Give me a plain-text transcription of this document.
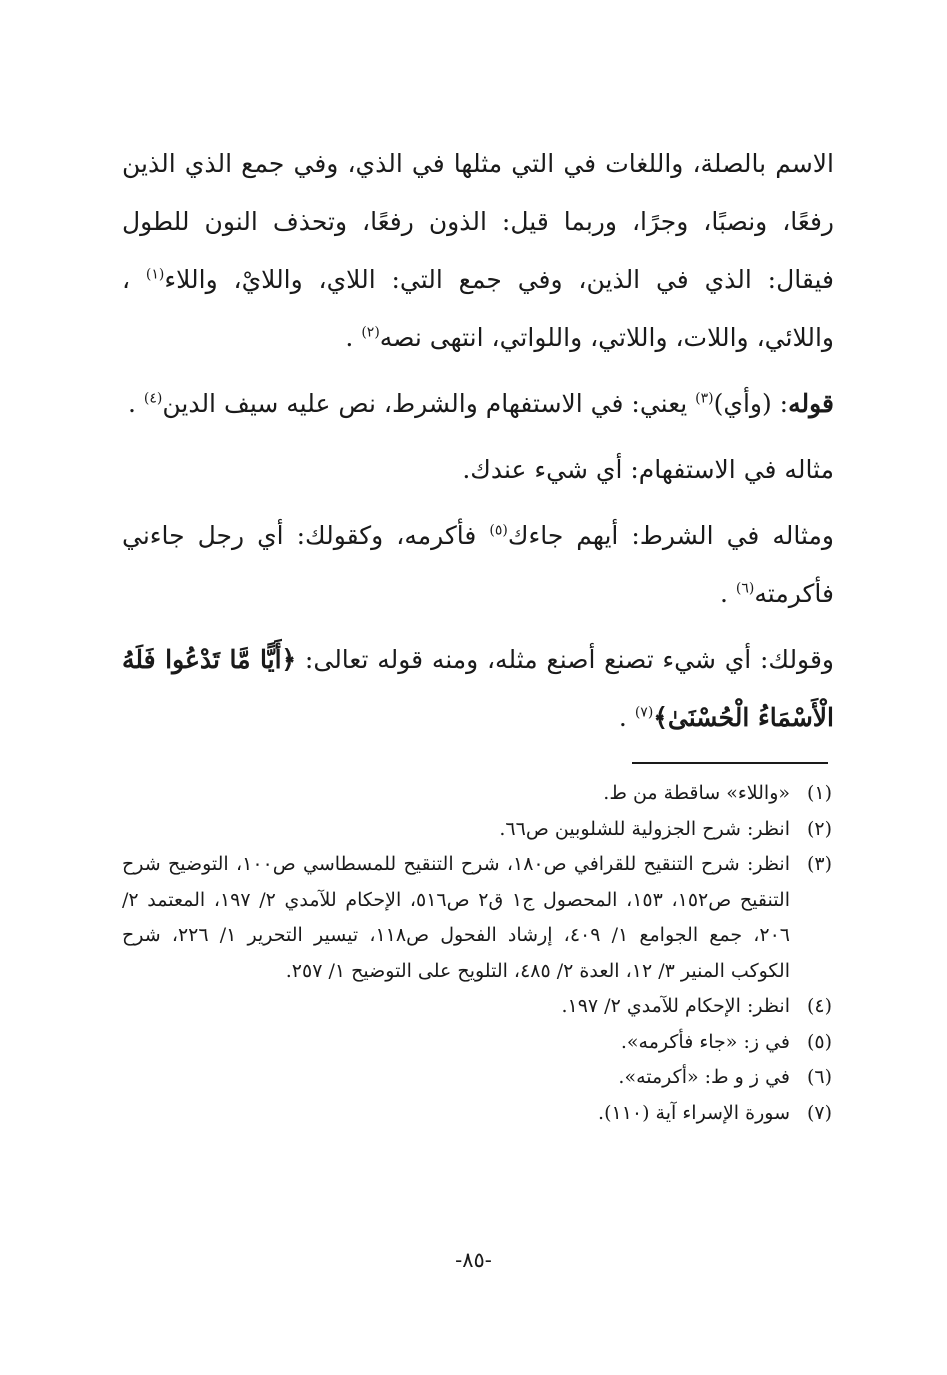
الاسم بالصلة، واللغات في التي مثلها في الذي، وفي جمع الذي الذين رفعًا، ونصبًا، وجرًا، وربما قيل: الذون رفعًا، وتحذف النون للطول فيقال: الذي في الذين، وفي جمع التي: اللاي، واللايْ، واللاء$^{(١)}$ ، واللائي، واللات، واللاتي، واللواتي، انتهى نصه$^{(٢)}$ .

قوله: (وأي)$^{(٣)}$ يعني: في الاستفهام والشرط، نص عليه سيف الدين$^{(٤)}$ .

مثاله في الاستفهام: أي شيء عندك.

ومثاله في الشرط: أيهم جاءك$^{(٥)}$ فأكرمه، وكقولك: أي رجل جاءني فأكرمته$^{(٦)}$ .

وقولك: أي شيء تصنع أصنع مثله، ومنه قوله تعالى: ﴿أَيًّا مَّا تَدْعُوا فَلَهُ الْأَسْمَاءُ الْحُسْنَىٰ﴾$^{(٧)}$ .

(١)
«واللاء» ساقطة من ط.
(٢)
انظر: شرح الجزولية للشلوبين ص٦٦.
(٣)
انظر: شرح التنقيح للقرافي ص١٨٠، شرح التنقيح للمسطاسي ص١٠٠، التوضيح شرح التنقيح ص١٥٢، ١٥٣، المحصول ج١ ق٢ ص٥١٦، الإحكام للآمدي ٢/ ١٩٧، المعتمد ٢/ ٢٠٦، جمع الجوامع ١/ ٤٠٩، إرشاد الفحول ص١١٨، تيسير التحرير ١/ ٢٢٦، شرح الكوكب المنير ٣/ ١٢، العدة ٢/ ٤٨٥، التلويح على التوضيح ١/ ٢٥٧.
(٤)
انظر: الإحكام للآمدي ٢/ ١٩٧.
(٥)
في ز: «جاء فأكرمه».
(٦)
في ز و ط: «أكرمته».
(٧)
سورة الإسراء آية (١١٠).
-٨٥-
